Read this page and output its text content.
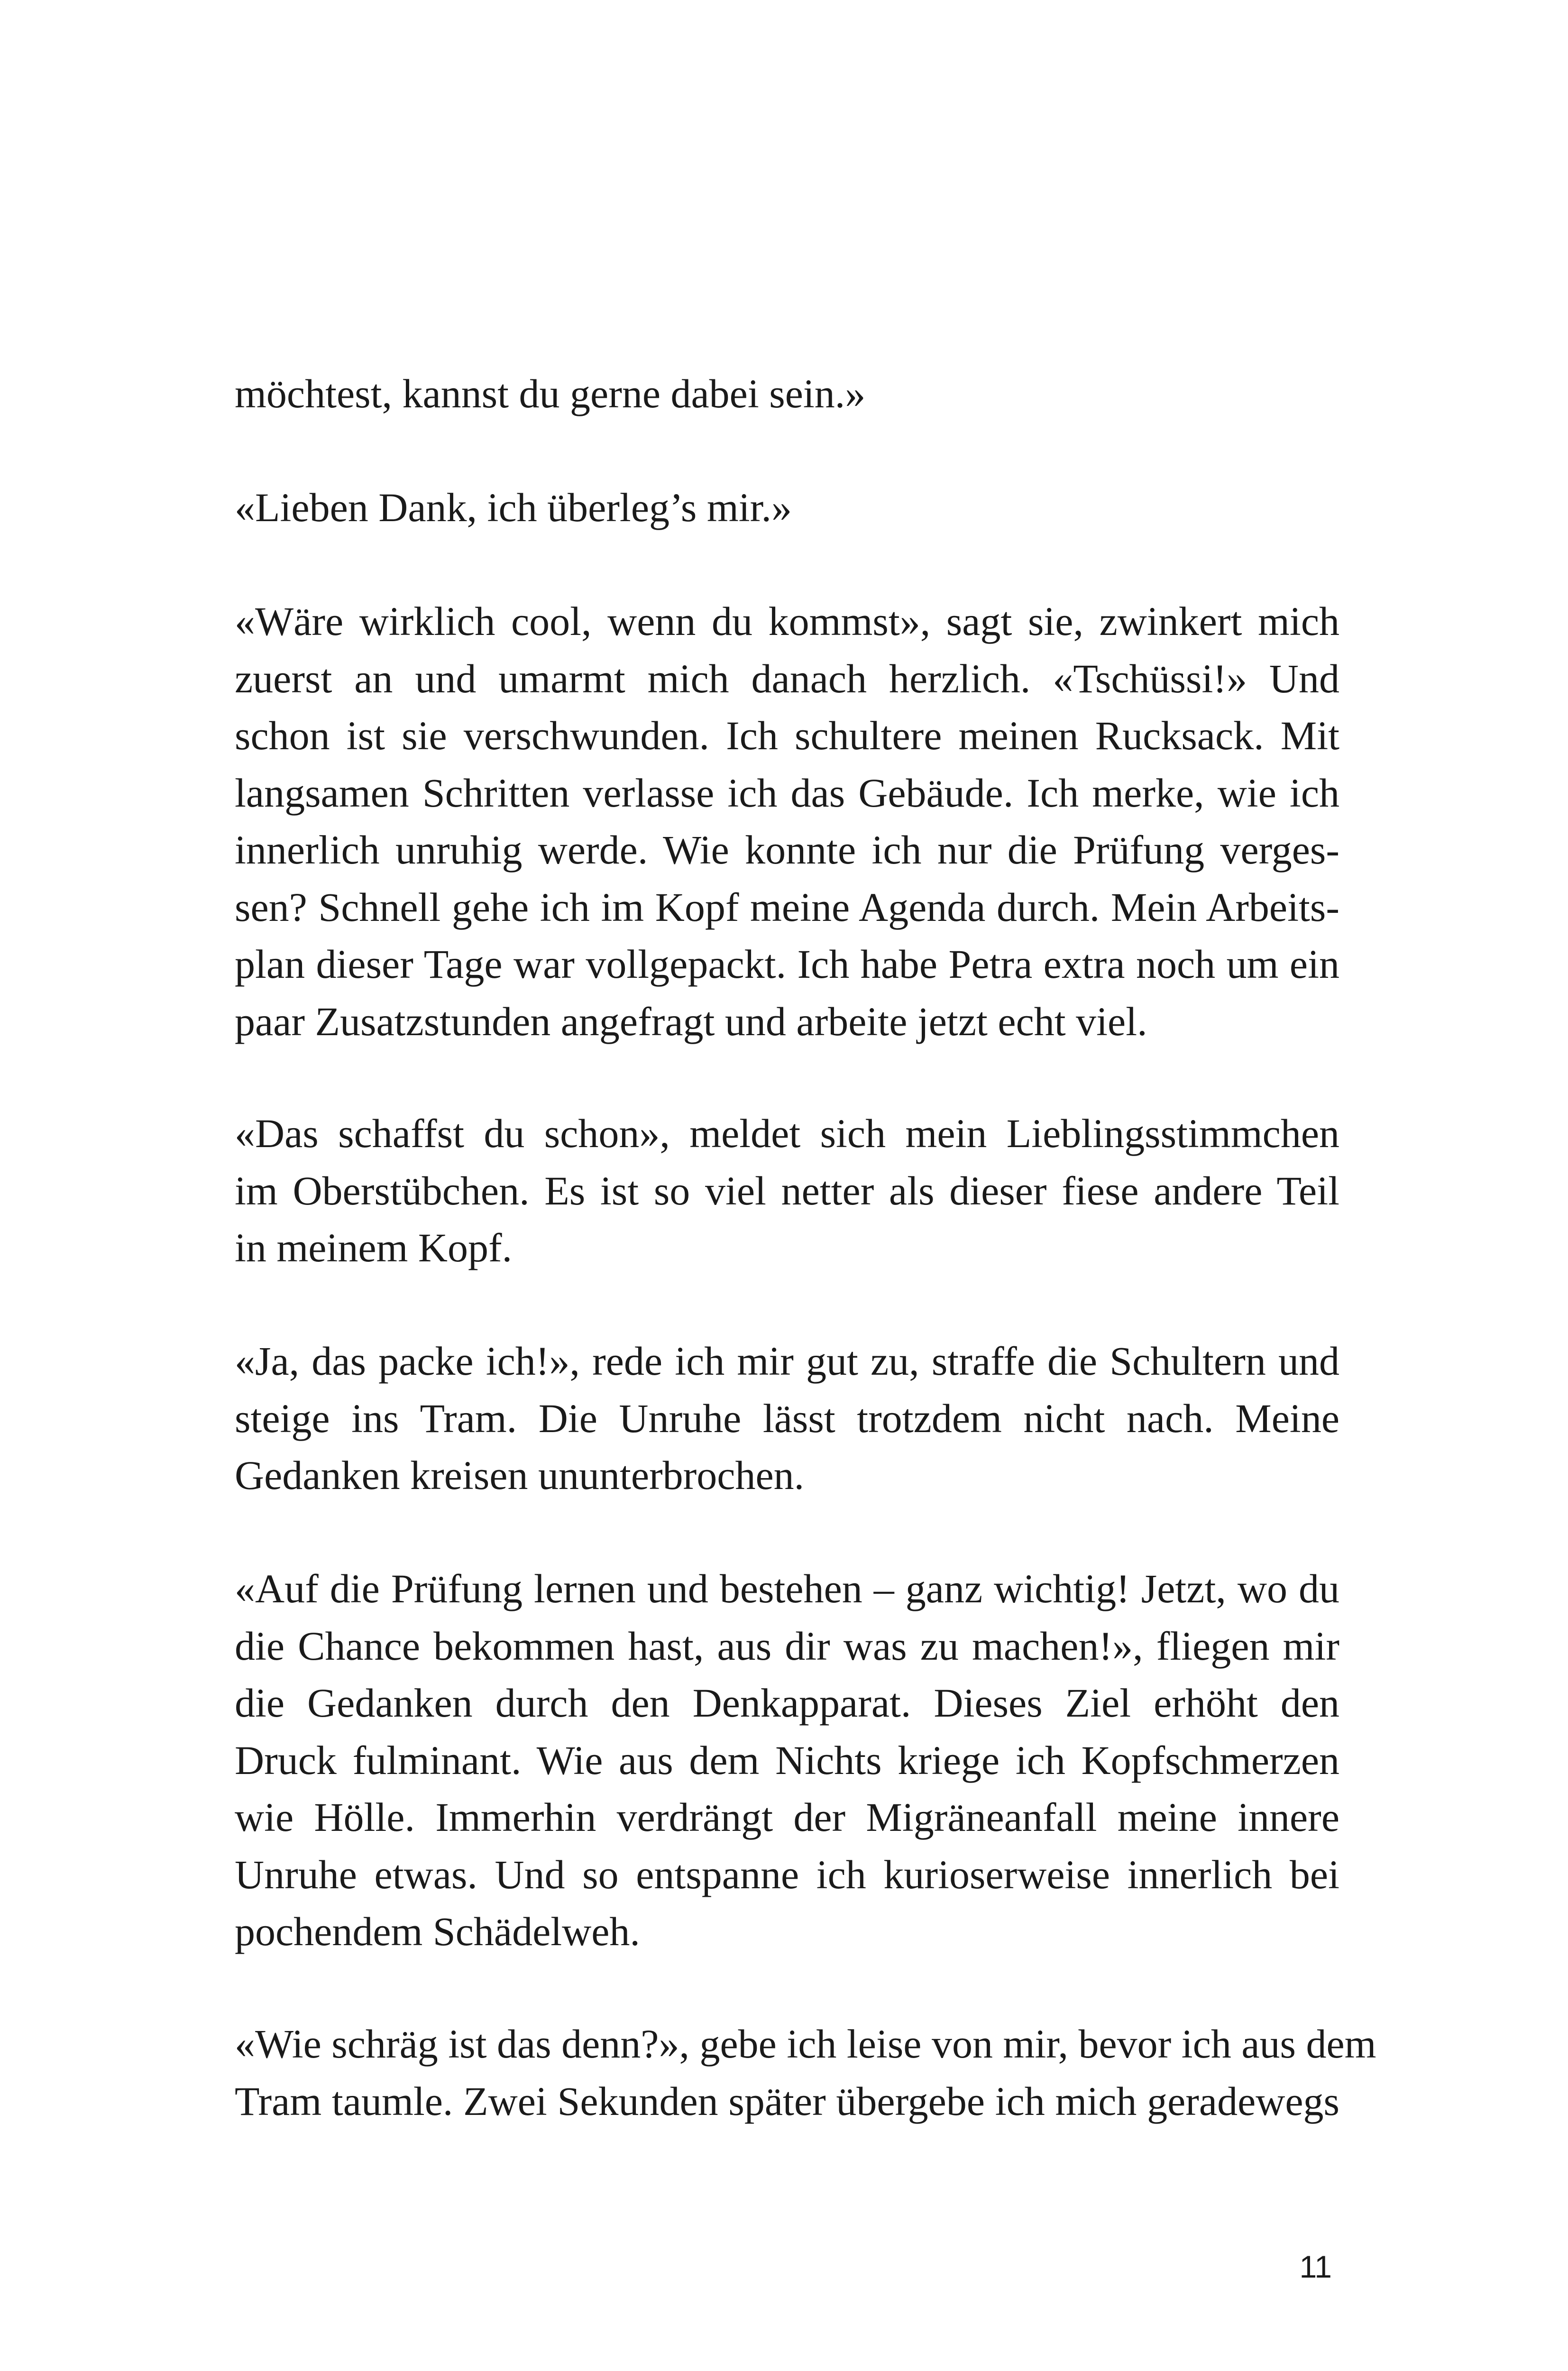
möchtest, kannst du gerne dabei sein.»

«Lieben Dank, ich überleg’s mir.»

«Wäre wirklich cool, wenn du kommst», sagt sie, zwinkert mich
zuerst an und umarmt mich danach herzlich. «Tschüssi!» Und
schon ist sie verschwunden. Ich schultere meinen Rucksack. Mit
langsamen Schritten verlasse ich das Gebäude. Ich merke, wie ich
innerlich unruhig werde. Wie konnte ich nur die Prüfung verges-
sen? Schnell gehe ich im Kopf meine Agenda durch. Mein Arbeits-
plan dieser Tage war vollgepackt. Ich habe Petra extra noch um ein
paar Zusatzstunden angefragt und arbeite jetzt echt viel.

«Das schaffst du schon», meldet sich mein Lieblingsstimmchen
im Oberstübchen. Es ist so viel netter als dieser fiese andere Teil
in meinem Kopf.

«Ja, das packe ich!», rede ich mir gut zu, straffe die Schultern und
steige ins Tram. Die Unruhe lässt trotzdem nicht nach. Meine
Gedanken kreisen ununterbrochen.

«Auf die Prüfung lernen und bestehen – ganz wichtig! Jetzt, wo du
die Chance bekommen hast, aus dir was zu machen!», fliegen mir
die Gedanken durch den Denkapparat. Dieses Ziel erhöht den
Druck fulminant. Wie aus dem Nichts kriege ich Kopfschmerzen
wie Hölle. Immerhin verdrängt der Migräneanfall meine innere
Unruhe etwas. Und so entspanne ich kurioserweise innerlich bei
pochendem Schädelweh.

«Wie schräg ist das denn?», gebe ich leise von mir, bevor ich aus dem
Tram taumle. Zwei Sekunden später übergebe ich mich geradewegs

11
